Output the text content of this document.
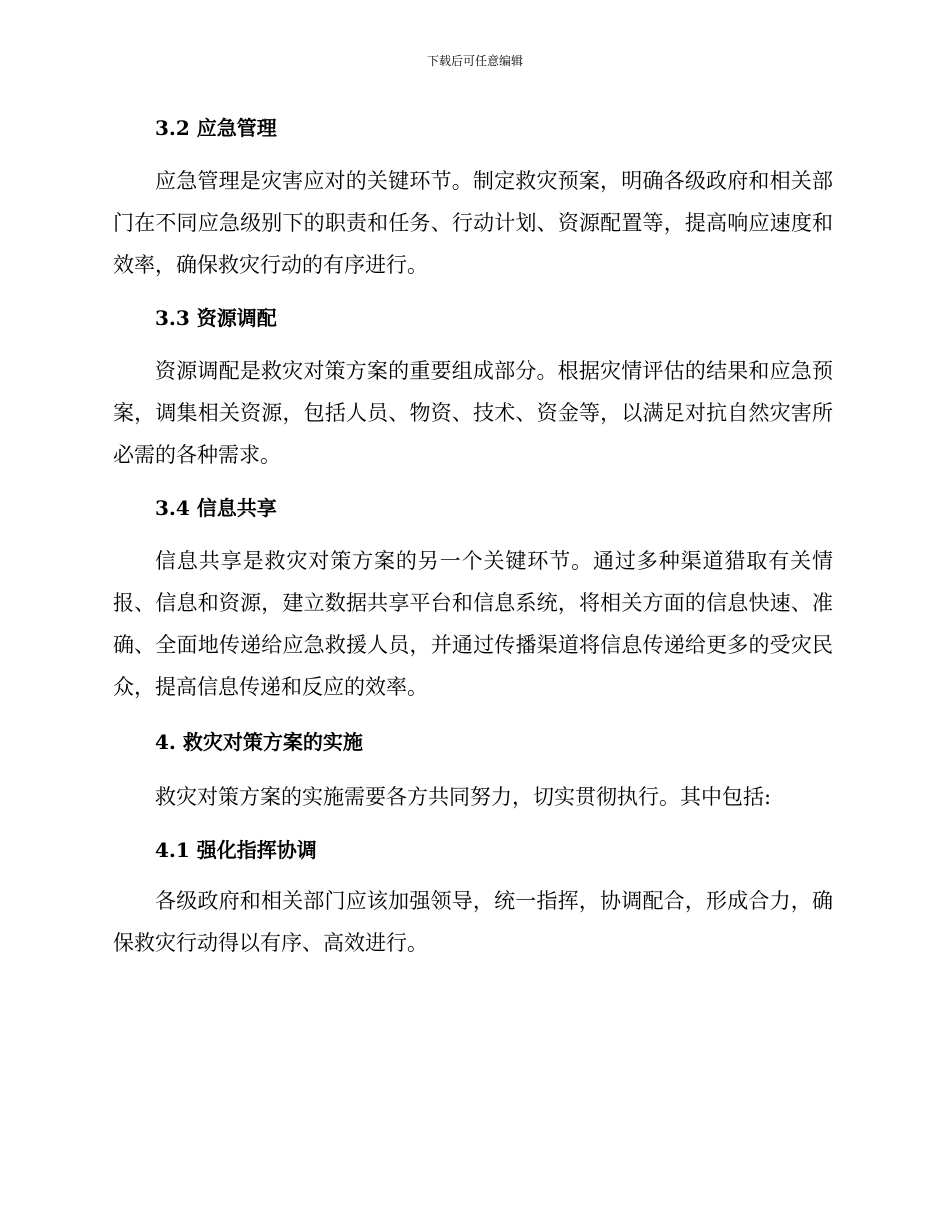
下载后可任意编辑
3.2 应急管理

应急管理是灾害应对的关键环节。制定救灾预案，明确各级政府和相关部门在不同应急级别下的职责和任务、行动计划、资源配置等，提高响应速度和效率，确保救灾行动的有序进行。

3.3 资源调配

资源调配是救灾对策方案的重要组成部分。根据灾情评估的结果和应急预案，调集相关资源，包括人员、物资、技术、资金等，以满足对抗自然灾害所必需的各种需求。

3.4 信息共享

信息共享是救灾对策方案的另一个关键环节。通过多种渠道猎取有关情报、信息和资源，建立数据共享平台和信息系统，将相关方面的信息快速、准确、全面地传递给应急救援人员，并通过传播渠道将信息传递给更多的受灾民众，提高信息传递和反应的效率。

4. 救灾对策方案的实施

救灾对策方案的实施需要各方共同努力，切实贯彻执行。其中包括:

4.1 强化指挥协调

各级政府和相关部门应该加强领导，统一指挥，协调配合，形成合力，确保救灾行动得以有序、高效进行。
